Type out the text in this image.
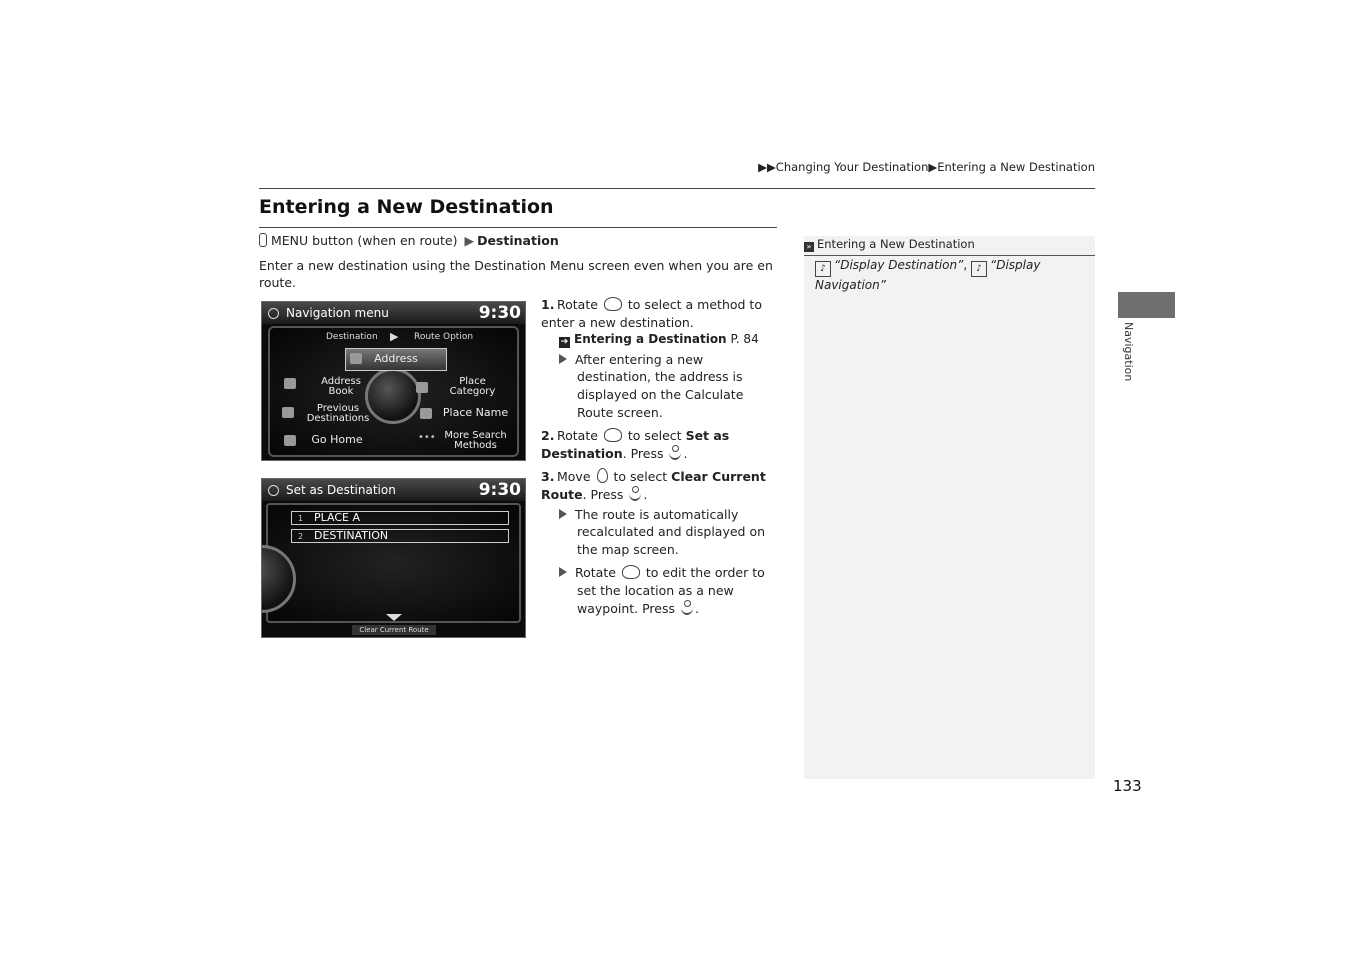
▶▶Changing Your Destination▶Entering a New Destination
Entering a New Destination
MENU button (when en route) ▶ Destination
Enter a new destination using the Destination Menu screen even when you are en route.
Navigation menu	9:30
Destination ▶ Route Option
Address
Address
Book
Place
Category
Previous
Destinations	Place Name
Go Home	••• More Search
Methods
Set as Destination	9:30
1 PLACE A
2 DESTINATION
Clear Current Route
1. Rotate to select a method to enter a new destination.
➔ Entering a Destination P. 84
After entering a new destination, the address is displayed on the Calculate Route screen.
2. Rotate to select Set as Destination. Press .
3. Move to select Clear Current Route. Press .
The route is automatically recalculated and displayed on the map screen.
Rotate to edit the order to set the location as a new waypoint. Press .
» Entering a New Destination
♪ “Display Destination”, ♪ “Display Navigation”
Navigation
133
